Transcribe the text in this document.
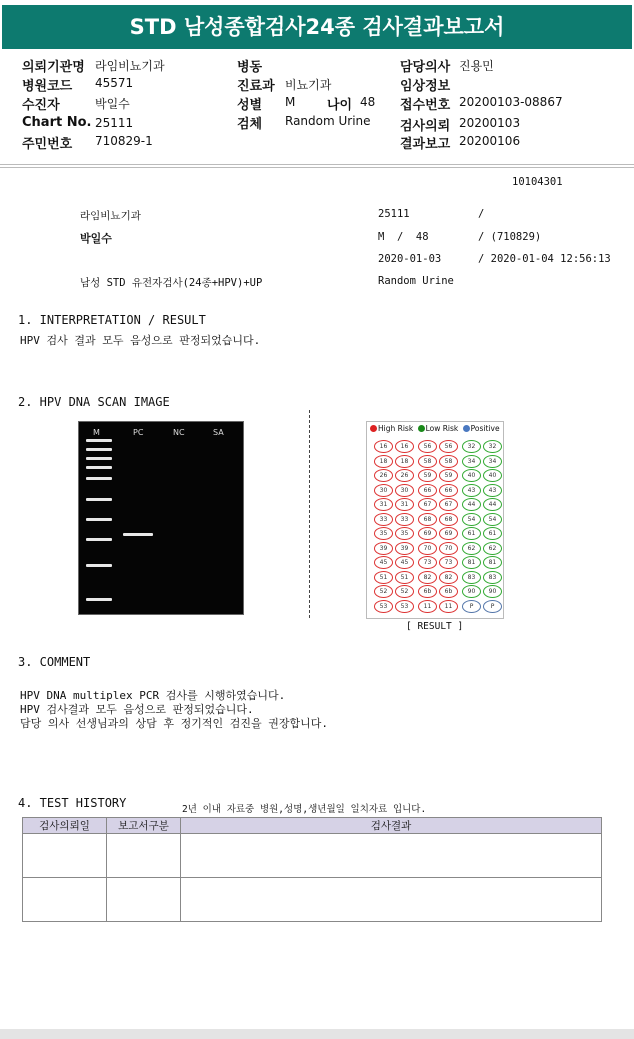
STD 남성종합검사24종 검사결과보고서
의뢰기관명 라임비뇨기과
병원코드 45571
수진자	박일수
Chart No. 25111
주민번호 710829-1
병동
진료과 비뇨기과
성별 M 나이 48
검체 Random Urine
담당의사 진용민
임상정보
접수번호 20200103-08867
검사의뢰 20200103
결과보고 20200106
10104301
라임비뇨기과	25111	/
박일수	M  /  48	/ (710829)
2020-01-03	/ 2020-01-04 12:56:13
남성 STD 유전자검사(24종+HPV)+UP	Random Urine
1. INTERPRETATION / RESULT
HPV 검사 결과 모두 음성으로 판정되었습니다.
2. HPV DNA SCAN IMAGE
M	PC	NC	SA	High Risk Low Risk Positive
16	16	56	56	32	32
18	18	58	58	34	34
26	26	59	59	40	40
30	30	66	66	43	43
31	31	67	67	44	44
33	33	68	68	54	54
35	35	69	69	61	61
39	39	70	70	62	62
45	45	73	73	81	81
51	51	82	82	83	83
52	52	6b	6b	90	90
53	53	11	11	P	P
[ RESULT ]
3. COMMENT
HPV DNA multiplex PCR 검사를 시행하였습니다.
HPV 검사결과 모두 음성으로 판정되었습니다.
담당 의사 선생님과의 상담 후 정기적인 검진을 권장합니다.
4. TEST HISTORY	2년 이내 자료중 병원,성명,생년월일 일치자료 입니다.
검사의뢰일	보고서구분	검사결과
